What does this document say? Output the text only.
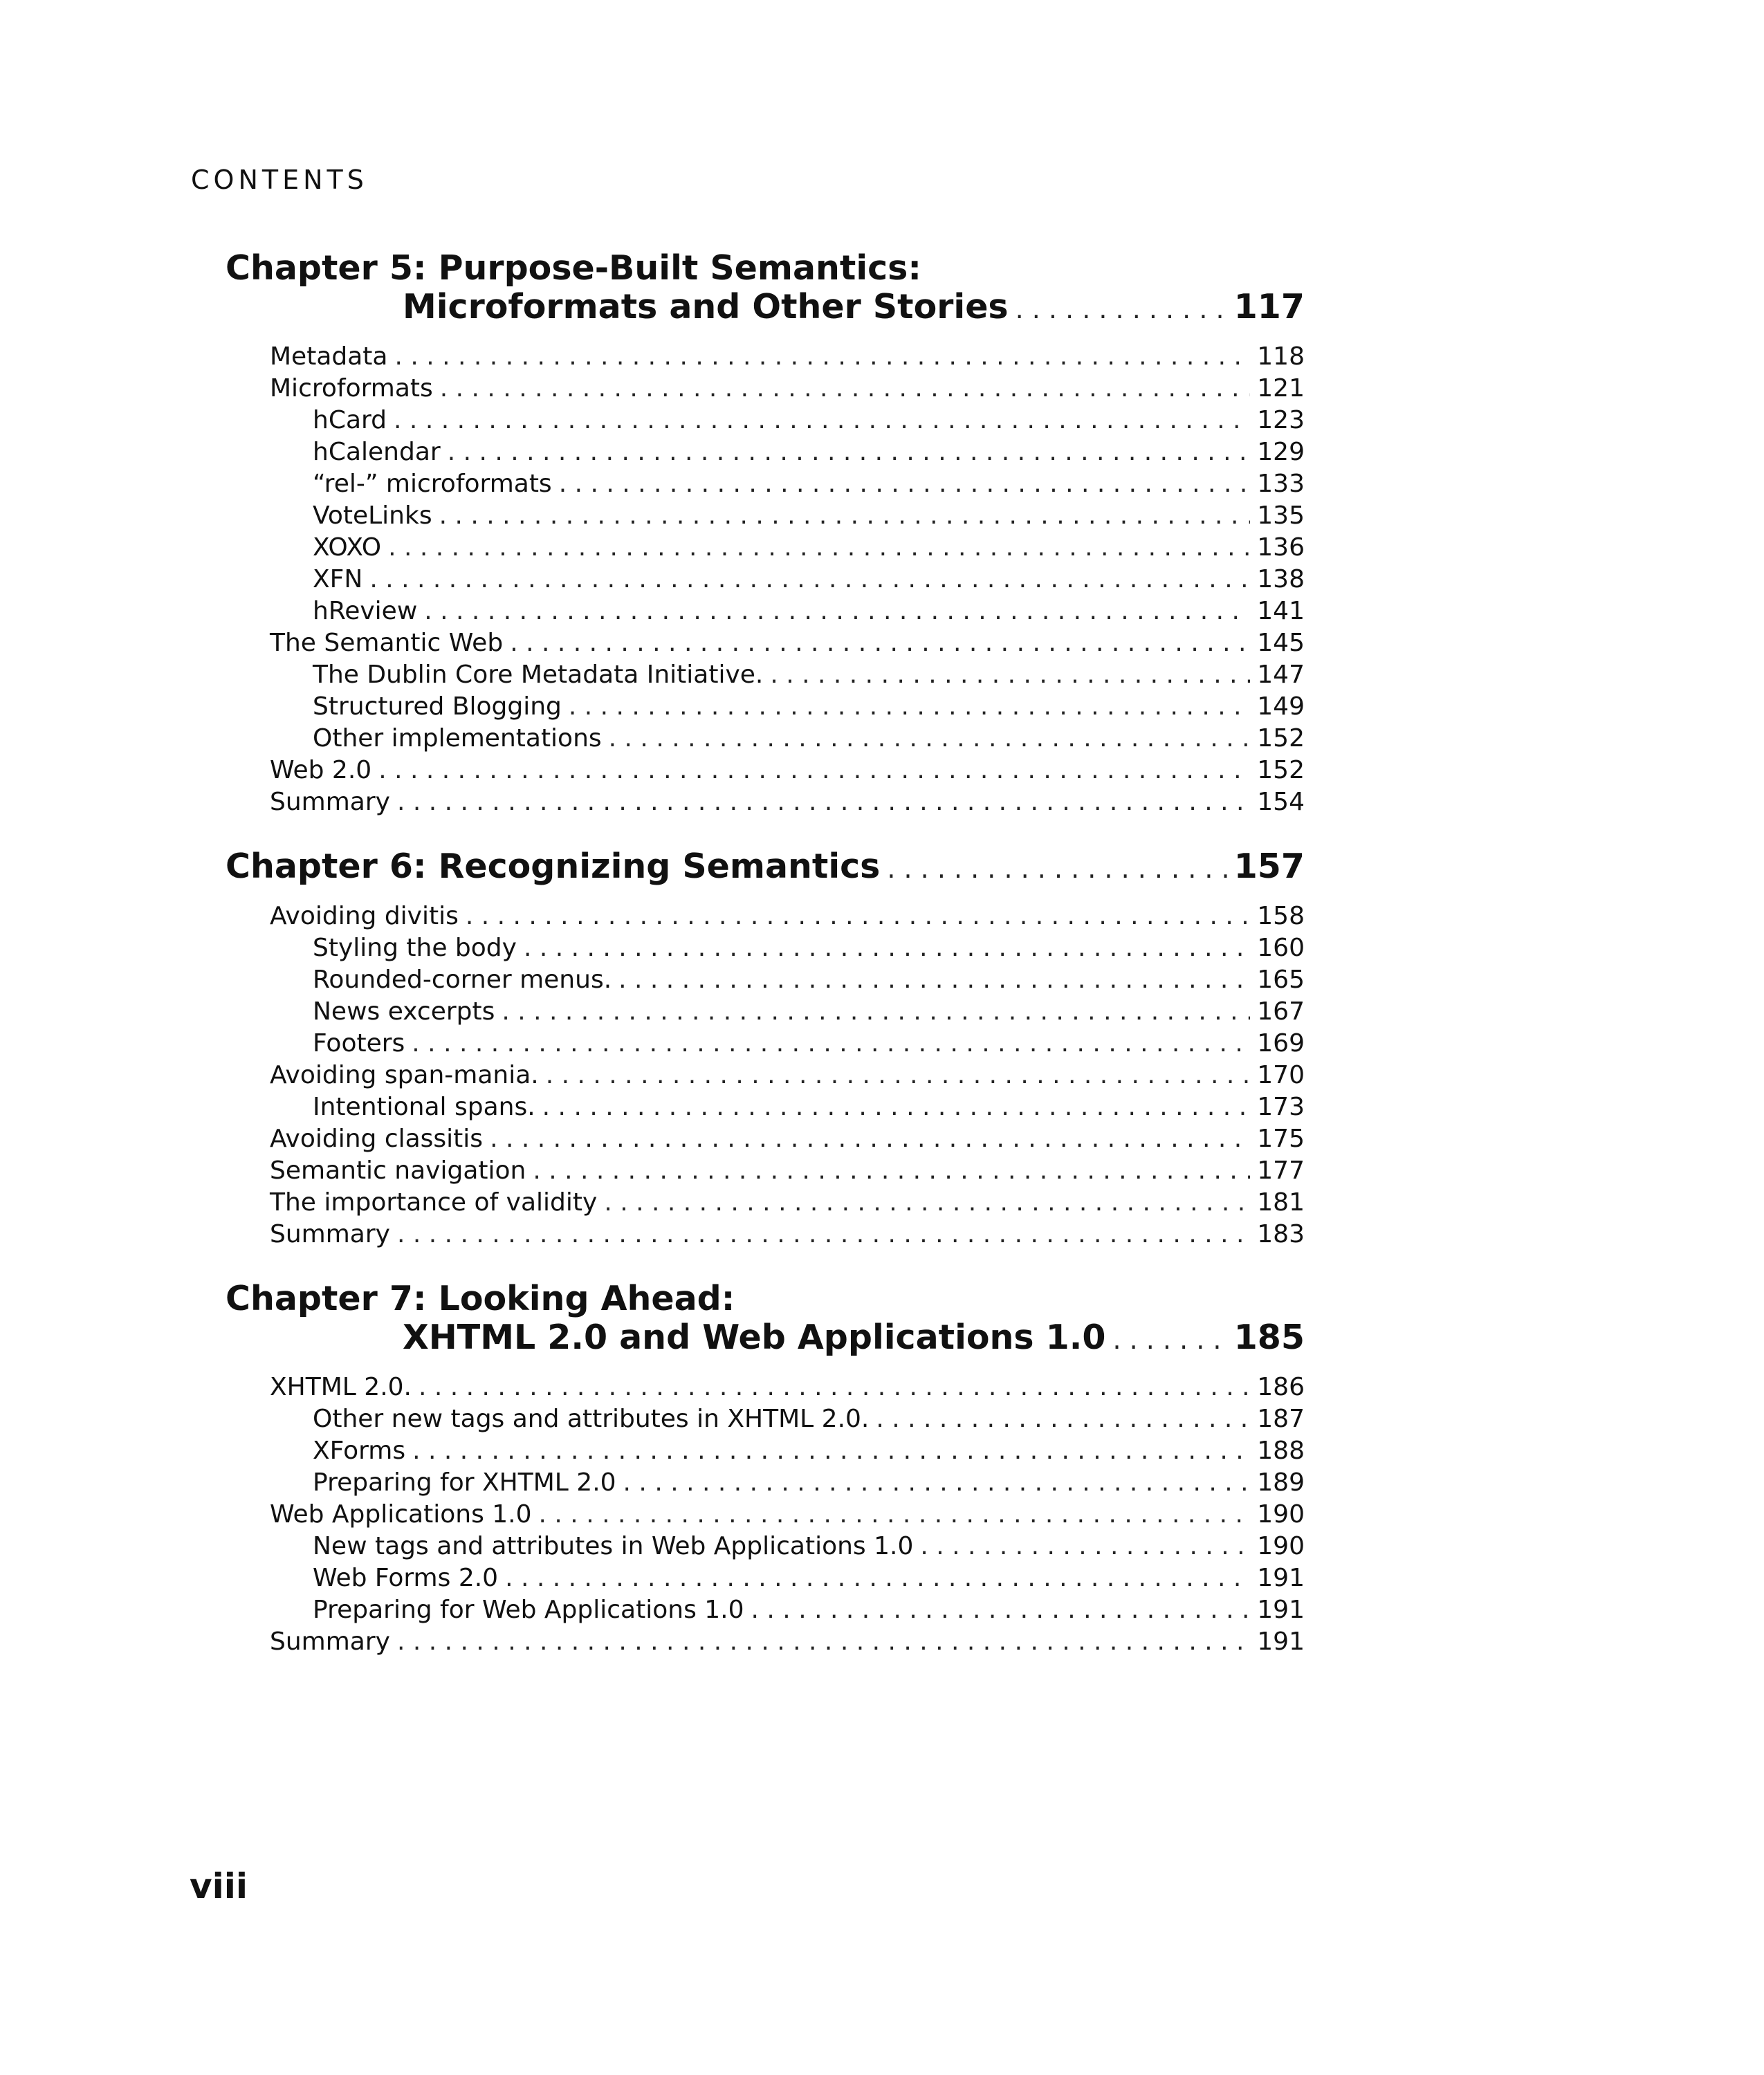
CONTENTS
Chapter 5: Purpose-Built Semantics:
Microformats and Other Stories . . .	117
Metadata . . .	118
Microformats . . .	121
hCard . . .	123
hCalendar . . .	129
“rel-” microformats . . .	133
VoteLinks . . .	135
XOXO . . .	136
XFN . . .	138
hReview . . .	141
The Semantic Web . . .	145
The Dublin Core Metadata Initiative. . . .	147
Structured Blogging . . .	149
Other implementations . . .	152
Web 2.0 . . .	152
Summary . . .	154
Chapter 6: Recognizing Semantics . . .	157
Avoiding divitis . . .	158
Styling the body . . .	160
Rounded-corner menus. . . .	165
News excerpts . . .	167
Footers . . .	169
Avoiding span-mania. . . .	170
Intentional spans. . . .	173
Avoiding classitis . . .	175
Semantic navigation . . .	177
The importance of validity . . .	181
Summary . . .	183
Chapter 7: Looking Ahead:
XHTML 2.0 and Web Applications 1.0 . . .	185
XHTML 2.0. . . .	186
Other new tags and attributes in XHTML 2.0. . . .	187
XForms . . .	188
Preparing for XHTML 2.0 . . .	189
Web Applications 1.0 . . .	190
New tags and attributes in Web Applications 1.0 . . .	190
Web Forms 2.0 . . .	191
Preparing for Web Applications 1.0 . . .	191
Summary . . .	191
viii
